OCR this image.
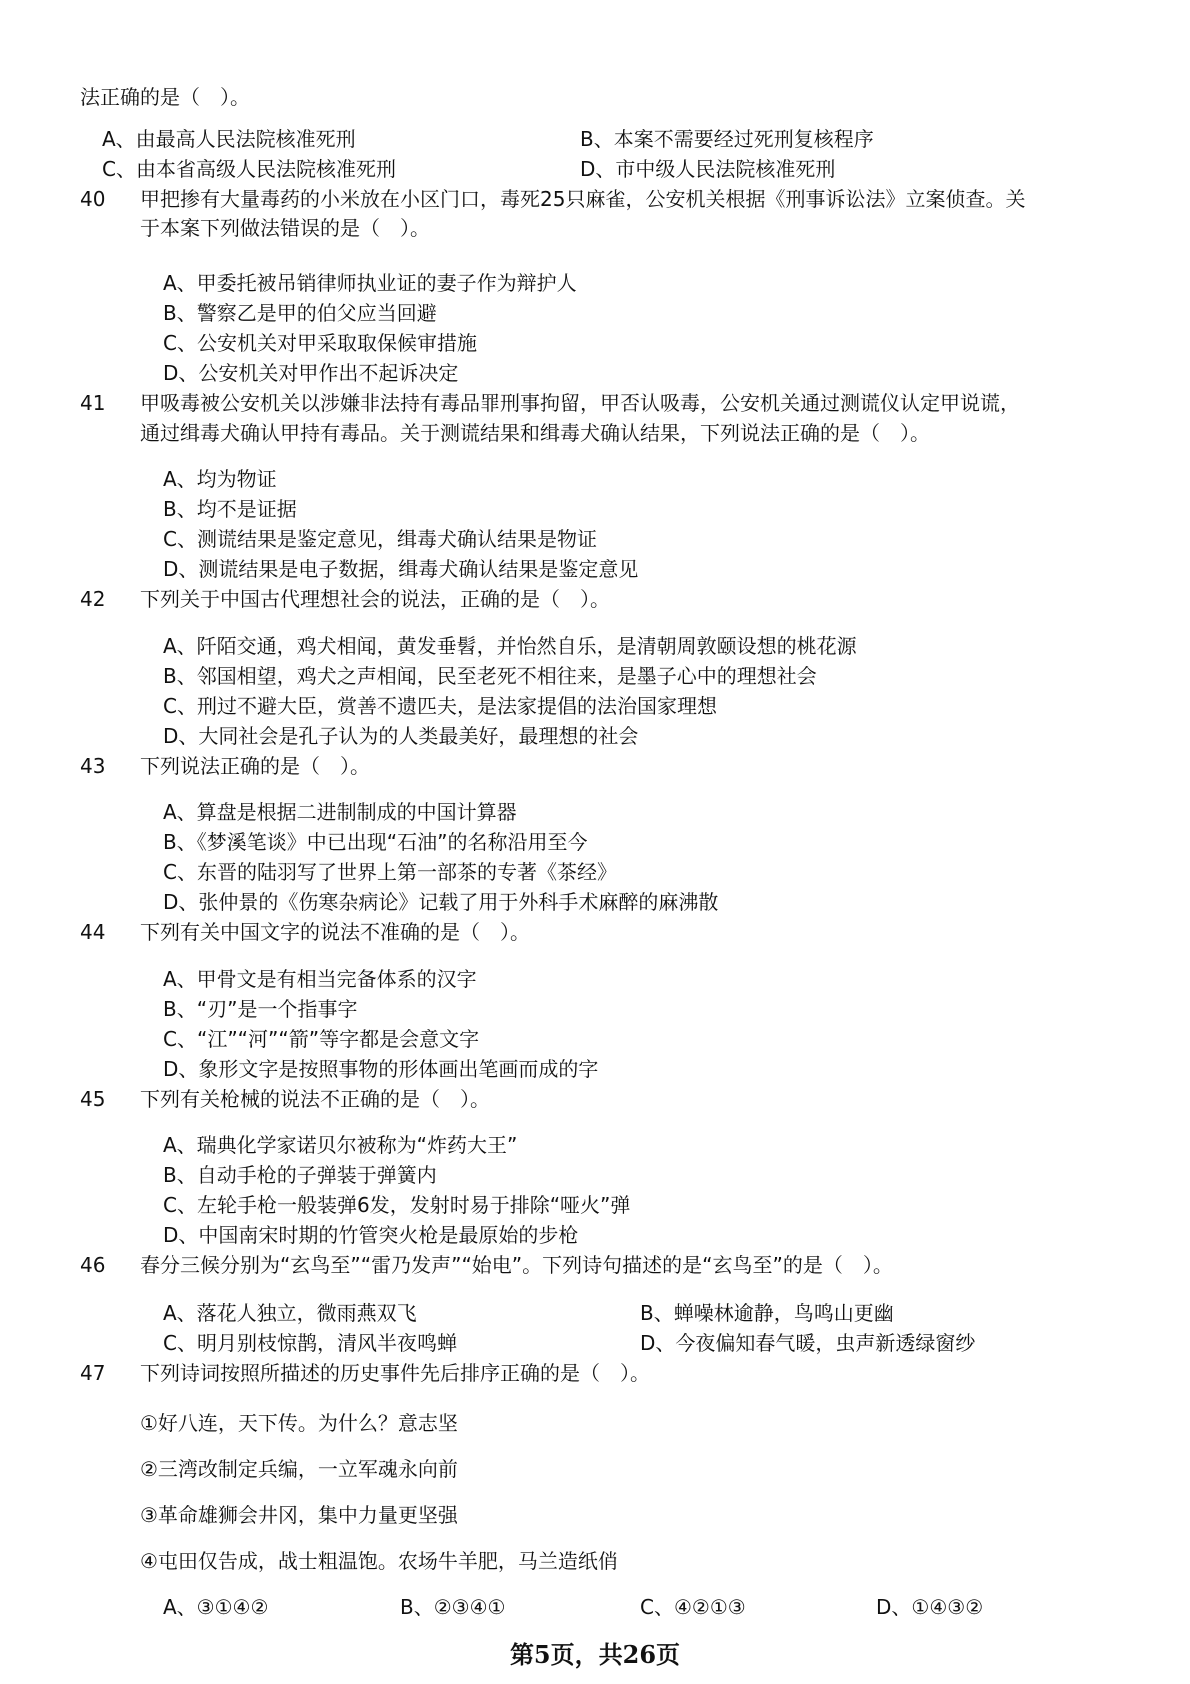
法正确的是（　）。
A、由最高人民法院核准死刑	B、本案不需要经过死刑复核程序
C、由本省高级人民法院核准死刑	D、市中级人民法院核准死刑
40 甲把掺有大量毒药的小米放在小区门口，毒死25只麻雀，公安机关根据《刑事诉讼法》立案侦查。关
于本案下列做法错误的是（　）。
A、甲委托被吊销律师执业证的妻子作为辩护人
B、警察乙是甲的伯父应当回避
C、公安机关对甲采取取保候审措施
D、公安机关对甲作出不起诉决定
41 甲吸毒被公安机关以涉嫌非法持有毒品罪刑事拘留，甲否认吸毒，公安机关通过测谎仪认定甲说谎，
通过缉毒犬确认甲持有毒品。关于测谎结果和缉毒犬确认结果，下列说法正确的是（　）。
A、均为物证
B、均不是证据
C、测谎结果是鉴定意见，缉毒犬确认结果是物证
D、测谎结果是电子数据，缉毒犬确认结果是鉴定意见
42 下列关于中国古代理想社会的说法，正确的是（　）。
A、阡陌交通，鸡犬相闻，黄发垂髫，并怡然自乐，是清朝周敦颐设想的桃花源
B、邻国相望，鸡犬之声相闻，民至老死不相往来，是墨子心中的理想社会
C、刑过不避大臣，赏善不遗匹夫，是法家提倡的法治国家理想
D、大同社会是孔子认为的人类最美好，最理想的社会
43 下列说法正确的是（　）。
A、算盘是根据二进制制成的中国计算器
B、《梦溪笔谈》中已出现“石油”的名称沿用至今
C、东晋的陆羽写了世界上第一部茶的专著《茶经》
D、张仲景的《伤寒杂病论》记载了用于外科手术麻醉的麻沸散
44 下列有关中国文字的说法不准确的是（　）。
A、甲骨文是有相当完备体系的汉字
B、“刃”是一个指事字
C、“江”“河”“箭”等字都是会意文字
D、象形文字是按照事物的形体画出笔画而成的字
45 下列有关枪械的说法不正确的是（　）。
A、瑞典化学家诺贝尔被称为“炸药大王”
B、自动手枪的子弹装于弹簧内
C、左轮手枪一般装弹6发，发射时易于排除“哑火”弹
D、中国南宋时期的竹管突火枪是最原始的步枪
46 春分三候分别为“玄鸟至”“雷乃发声”“始电”。下列诗句描述的是“玄鸟至”的是（　）。
A、落花人独立，微雨燕双飞	B、蝉噪林逾静，鸟鸣山更幽
C、明月别枝惊鹊，清风半夜鸣蝉	D、今夜偏知春气暖，虫声新透绿窗纱
47 下列诗词按照所描述的历史事件先后排序正确的是（　）。
①好八连，天下传。为什么？意志坚
②三湾改制定兵编，一立军魂永向前
③革命雄狮会井冈，集中力量更坚强
④屯田仅告成，战士粗温饱。农场牛羊肥，马兰造纸俏
A、③①④②	B、②③④①	C、④②①③	D、①④③②
第5页，共26页
